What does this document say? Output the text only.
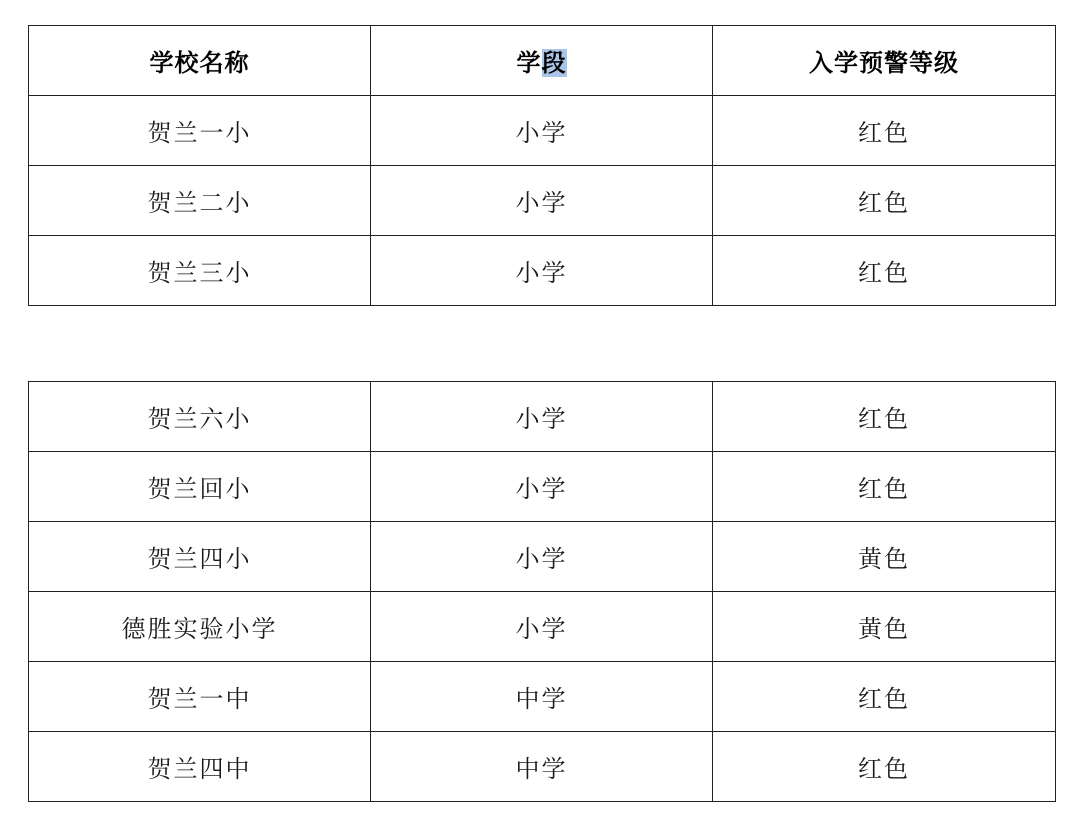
学校名称	学段	入学预警等级
贺兰一小	小学	红色
贺兰二小	小学	红色
贺兰三小	小学	红色
贺兰六小	小学	红色
贺兰回小	小学	红色
贺兰四小	小学	黄色
德胜实验小学	小学	黄色
贺兰一中	中学	红色
贺兰四中	中学	红色
